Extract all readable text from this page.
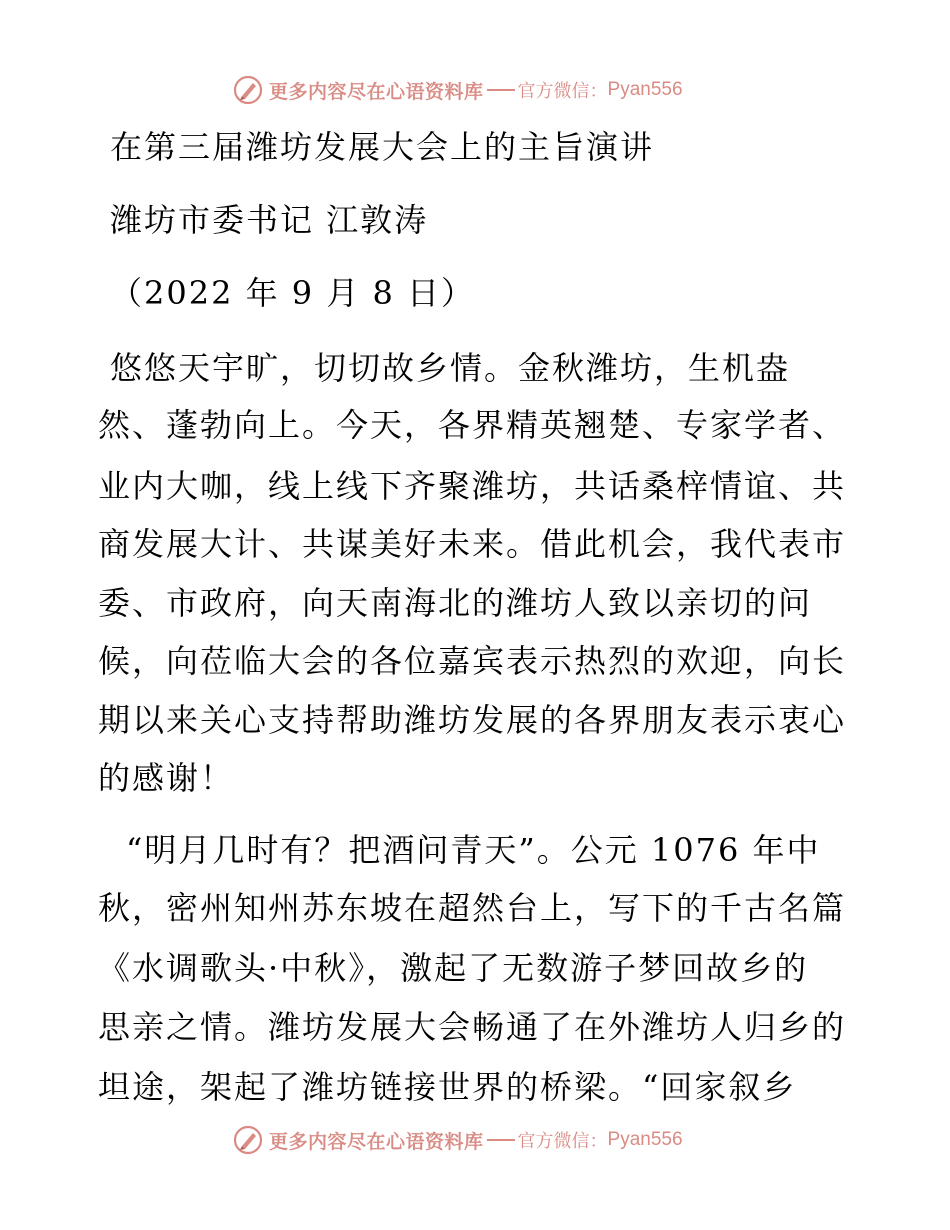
更多内容尽在心语资料库 官方微信： Pyan556
在第三届潍坊发展大会上的主旨演讲
潍坊市委书记 江敦涛
（2022 年 9 月 8 日）
悠悠天宇旷，切切故乡情。金秋潍坊，生机盎
然、蓬勃向上。今天，各界精英翘楚、专家学者、
业内大咖，线上线下齐聚潍坊，共话桑梓情谊、共
商发展大计、共谋美好未来。借此机会，我代表市
委、市政府，向天南海北的潍坊人致以亲切的问
候，向莅临大会的各位嘉宾表示热烈的欢迎，向长
期以来关心支持帮助潍坊发展的各界朋友表示衷心
的感谢！
“明月几时有？把酒问青天”。公元 1076 年中
秋，密州知州苏东坡在超然台上，写下的千古名篇
《水调歌头·中秋》，激起了无数游子梦回故乡的
思亲之情。潍坊发展大会畅通了在外潍坊人归乡的
坦途，架起了潍坊链接世界的桥梁。“回家叙乡
更多内容尽在心语资料库 官方微信： Pyan556
